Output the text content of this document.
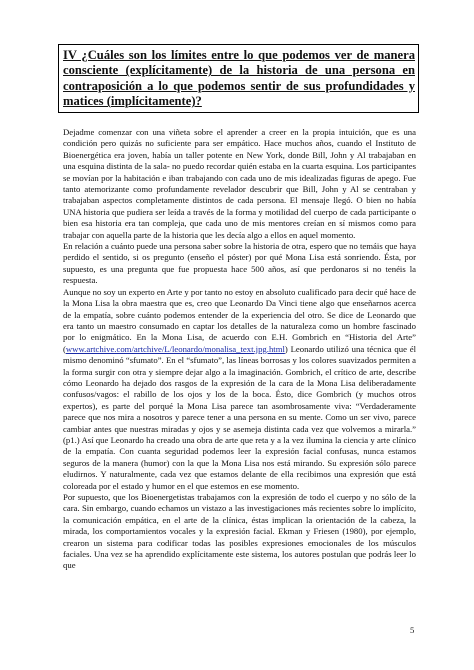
IV ¿Cuáles son los límites entre lo que podemos ver de manera consciente (explícitamente) de la historia de una persona en contraposición a lo que podemos sentir de sus profundidades y matices (implícitamente)?

Dejadme comenzar con una viñeta sobre el aprender a creer en la propia intuición, que es una condición pero quizás no suficiente para ser empático. Hace muchos años, cuando el Instituto de Bioenergética era joven, había un taller potente en New York, donde Bill, John y Al trabajaban en una esquina distinta de la sala- no puedo recordar quién estaba en la cuarta esquina. Los participantes se movían por la habitación e iban trabajando con cada uno de mis idealizadas figuras de apego. Fue tanto atemorizante como profundamente revelador descubrir que Bill, John y Al se centraban y trabajaban aspectos completamente distintos de cada persona. El mensaje llegó. O bien no había UNA historia que pudiera ser leída a través de la forma y motilidad del cuerpo de cada participante o bien esa historia era tan compleja, que cada uno de mis mentores creían en sí mismos como para trabajar con aquella parte de la historia que les decía algo a ellos en aquel momento.

En relación a cuánto puede una persona saber sobre la historia de otra, espero que no temáis que haya perdido el sentido, si os pregunto (enseño el póster) por qué Mona Lisa está sonriendo. Ésta, por supuesto, es una pregunta que fue propuesta hace 500 años, así que perdonaros si no tenéis la respuesta.

Aunque no soy un experto en Arte y por tanto no estoy en absoluto cualificado para decir qué hace de la Mona Lisa la obra maestra que es, creo que Leonardo Da Vinci tiene algo que enseñarnos acerca de la empatía, sobre cuánto podemos entender de la experiencia del otro. Se dice de Leonardo que era tanto un maestro consumado en captar los detalles de la naturaleza como un hombre fascinado por lo enigmático. En la Mona Lisa, de acuerdo con E.H. Gombrich en “Historia del Arte” (www.artchive.com/artchive/L/leonardo/monalisa_text.jpg.html) Leonardo utilizó una técnica que él mismo denominó “sfumato”. En el “sfumato”, las líneas borrosas y los colores suavizados permiten a la forma surgir con otra y siempre dejar algo a la imaginación. Gombrich, el crítico de arte, describe cómo Leonardo ha dejado dos rasgos de la expresión de la cara de la Mona Lisa deliberadamente confusos/vagos: el rabillo de los ojos y los de la boca. Ésto, dice Gombrich (y muchos otros expertos), es parte del porqué la Mona Lisa parece tan asombrosamente viva: “Verdaderamente parece que nos mira a nosotros y parece tener a una persona en su mente. Como un ser vivo, parece cambiar antes que nuestras miradas y ojos y se asemeja distinta cada vez que volvemos a mirarla.” (p1.) Así que Leonardo ha creado una obra de arte que reta y a la vez ilumina la ciencia y arte clínico de la empatía. Con cuanta seguridad podemos leer la expresión facial confusas, nunca estamos seguros de la manera (humor) con la que la Mona Lisa nos está mirando. Su expresión sólo parece eludirnos. Y naturalmente, cada vez que estamos delante de ella recibimos una expresión que está coloreada por el estado y humor en el que estemos en ese momento.

Por supuesto, que los Bioenergetistas trabajamos con la expresión de todo el cuerpo y no sólo de la cara. Sin embargo, cuando echamos un vistazo a las investigaciones más recientes sobre lo implícito, la comunicación empática, en el arte de la clínica, éstas implican la orientación de la cabeza, la mirada, los comportamientos vocales y la expresión facial. Ekman y Friesen (1980), por ejemplo, crearon un sistema para codificar todas las posibles expresiones emocionales de los músculos faciales. Una vez se ha aprendido explícitamente este sistema, los autores postulan que podrás leer lo que

5
